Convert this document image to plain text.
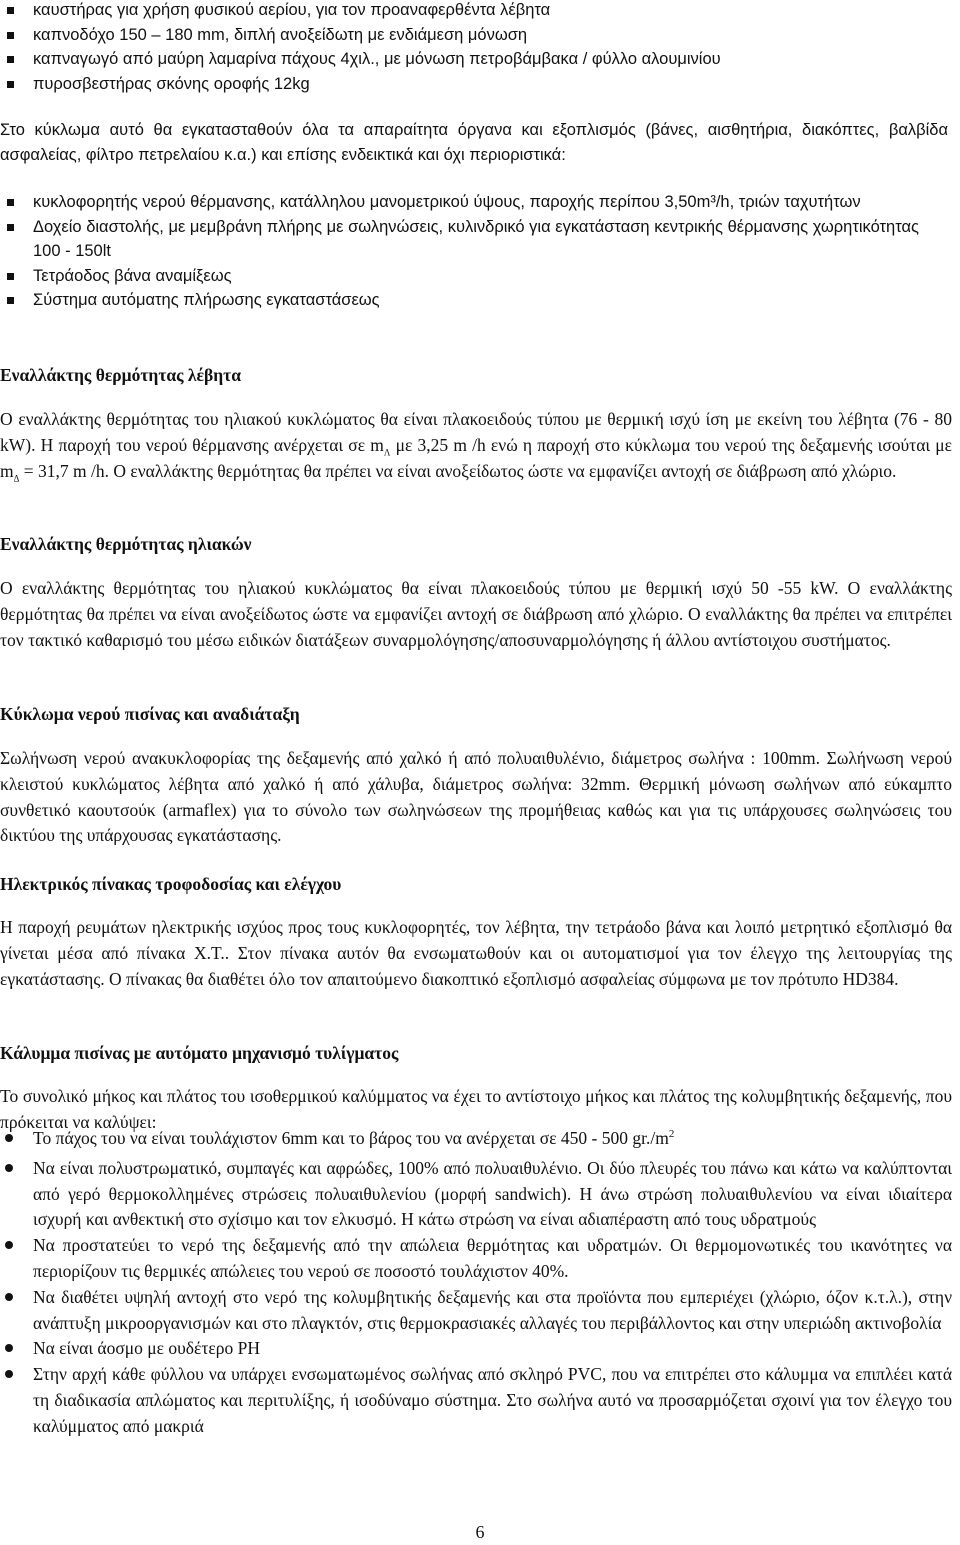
καυστήρας για χρήση φυσικού αερίου, για τον προαναφερθέντα λέβητα
καπνοδόχο 150 – 180 mm, διπλή ανοξείδωτη με ενδιάμεση μόνωση
καπναγωγό από μαύρη λαμαρίνα πάχους 4χιλ., με μόνωση πετροβάμβακα / φύλλο αλουμινίου
πυροσβεστήρας σκόνης οροφής 12kg
Στο κύκλωμα αυτό θα εγκατασταθούν όλα τα απαραίτητα όργανα και εξοπλισμός (βάνες, αισθητήρια, διακόπτες, βαλβίδα ασφαλείας, φίλτρο πετρελαίου κ.α.) και επίσης ενδεικτικά και όχι περιοριστικά:
κυκλοφορητής νερού θέρμανσης, κατάλληλου μανομετρικού ύψους, παροχής περίπου 3,50m³/h, τριών ταχυτήτων
Δοχείο διαστολής, με μεμβράνη πλήρης με σωληνώσεις, κυλινδρικό για εγκατάσταση κεντρικής θέρμανσης χωρητικότητας 100 - 150lt
Τετράοδος βάνα αναμίξεως
Σύστημα αυτόματης πλήρωσης εγκαταστάσεως
Εναλλάκτης θερμότητας λέβητα
Ο εναλλάκτης θερμότητας του ηλιακού κυκλώματος θα είναι πλακοειδούς τύπου με θερμική ισχύ ίση με εκείνη του λέβητα (76 - 80 kW). Η παροχή του νερού θέρμανσης ανέρχεται σε $m_\Lambda$ με 3,25 m /h ενώ η παροχή στο κύκλωμα του νερού της δεξαμενής ισούται με $m_\Delta = 31,7$ m /h. Ο εναλλάκτης θερμότητας θα πρέπει να είναι ανοξείδωτος ώστε να εμφανίζει αντοχή σε διάβρωση από χλώριο.
Εναλλάκτης θερμότητας ηλιακών
Ο εναλλάκτης θερμότητας του ηλιακού κυκλώματος θα είναι πλακοειδούς τύπου με θερμική ισχύ 50 -55 kW. Ο εναλλάκτης θερμότητας θα πρέπει να είναι ανοξείδωτος ώστε να εμφανίζει αντοχή σε διάβρωση από χλώριο. Ο εναλλάκτης θα πρέπει να επιτρέπει τον τακτικό καθαρισμό του μέσω ειδικών διατάξεων συναρμολόγησης/αποσυναρμολόγησης ή άλλου αντίστοιχου συστήματος.
Κύκλωμα νερού πισίνας και αναδιάταξη
Σωλήνωση νερού ανακυκλοφορίας της δεξαμενής από χαλκό ή από πολυαιθυλένιο, διάμετρος σωλήνα : 100mm. Σωλήνωση νερού κλειστού κυκλώματος λέβητα από χαλκό ή από χάλυβα, διάμετρος σωλήνα: 32mm. Θερμική μόνωση σωλήνων από εύκαμπτο συνθετικό καουτσούκ (armaflex) για το σύνολο των σωληνώσεων της προμήθειας καθώς και για τις υπάρχουσες σωληνώσεις του δικτύου της υπάρχουσας εγκατάστασης.
Ηλεκτρικός πίνακας τροφοδοσίας και ελέγχου
Η παροχή ρευμάτων ηλεκτρικής ισχύος προς τους κυκλοφορητές, τον λέβητα, την τετράοδο βάνα και λοιπό μετρητικό εξοπλισμό θα γίνεται μέσα από πίνακα Χ.Τ.. Στον πίνακα αυτόν θα ενσωματωθούν και οι αυτοματισμοί για τον έλεγχο της λειτουργίας της εγκατάστασης. Ο πίνακας θα διαθέτει όλο τον απαιτούμενο διακοπτικό εξοπλισμό ασφαλείας σύμφωνα με τον πρότυπο HD384.
Κάλυμμα πισίνας με αυτόματο μηχανισμό τυλίγματος
Το συνολικό μήκος και πλάτος του ισοθερμικού καλύμματος να έχει το αντίστοιχο μήκος και πλάτος της κολυμβητικής δεξαμενής, που πρόκειται να καλύψει:
Το πάχος του να είναι τουλάχιστον 6mm και το βάρος του να ανέρχεται σε 450 - 500 $gr./m^2$
Να είναι πολυστρωματικό, συμπαγές και αφρώδες, 100% από πολυαιθυλένιο. Οι δύο πλευρές του πάνω και κάτω να καλύπτονται από γερό θερμοκολλημένες στρώσεις πολυαιθυλενίου (μορφή sandwich). Η άνω στρώση πολυαιθυλενίου να είναι ιδιαίτερα ισχυρή και ανθεκτική στο σχίσιμο και τον ελκυσμό. Η κάτω στρώση να είναι αδιαπέραστη από τους υδρατμούς
Να προστατεύει το νερό της δεξαμενής από την απώλεια θερμότητας και υδρατμών. Οι θερμομονωτικές του ικανότητες να περιορίζουν τις θερμικές απώλειες του νερού σε ποσοστό τουλάχιστον 40%.
Να διαθέτει υψηλή αντοχή στο νερό της κολυμβητικής δεξαμενής και στα προϊόντα που εμπεριέχει (χλώριο, όζον κ.τ.λ.), στην ανάπτυξη μικροοργανισμών και στο πλαγκτόν, στις θερμοκρασιακές αλλαγές του περιβάλλοντος και στην υπεριώδη ακτινοβολία
Να είναι άοσμο με ουδέτερο PH
Στην αρχή κάθε φύλλου να υπάρχει ενσωματωμένος σωλήνας από σκληρό PVC, που να επιτρέπει στο κάλυμμα να επιπλέει κατά τη διαδικασία απλώματος και περιτυλίξης, ή ισοδύναμο σύστημα. Στο σωλήνα αυτό να προσαρμόζεται σχοινί για τον έλεγχο του καλύμματος από μακριά
6
